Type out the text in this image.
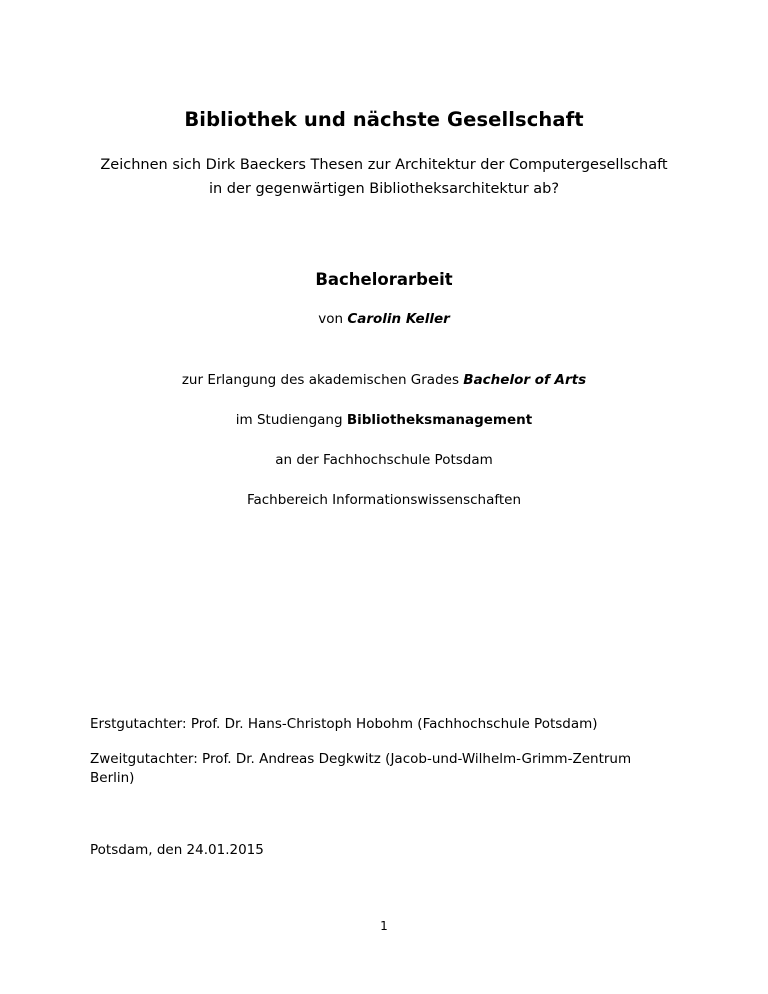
Bibliothek und nächste Gesellschaft

Zeichnen sich Dirk Baeckers Thesen zur Architektur der Computergesellschaft in der gegenwärtigen Bibliotheksarchitektur ab?

Bachelorarbeit

von Carolin Keller

zur Erlangung des akademischen Grades Bachelor of Arts

im Studiengang Bibliotheksmanagement

an der Fachhochschule Potsdam

Fachbereich Informationswissenschaften

Erstgutachter: Prof. Dr. Hans-Christoph Hobohm (Fachhochschule Potsdam)

Zweitgutachter: Prof. Dr. Andreas Degkwitz (Jacob-und-Wilhelm-Grimm-Zentrum Berlin)

Potsdam, den 24.01.2015

1
